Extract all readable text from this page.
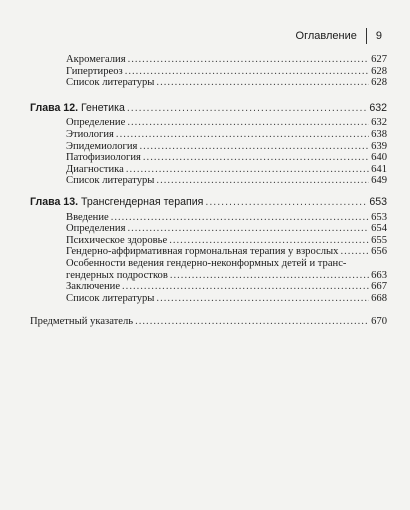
Оглавление 9
Акромегалия .....	627
Гипертиреоз .....	628
Список литературы .....	628
Глава 12. Генетика .....	632
Определение .....	632
Этиология .....	638
Эпидемиология .....	639
Патофизиология .....	640
Диагностика .....	641
Список литературы .....	649
Глава 13. Трансгендерная терапия .....	653
Введение .....	653
Определения .....	654
Психическое здоровье .....	655
Гендерно-аффирмативная гормональная терапия у взрослых .....	656
Особенности ведения гендерно-неконформных детей и транс-
гендерных подростков .....	663
Заключение .....	667
Список литературы .....	668
Предметный указатель .....	670
